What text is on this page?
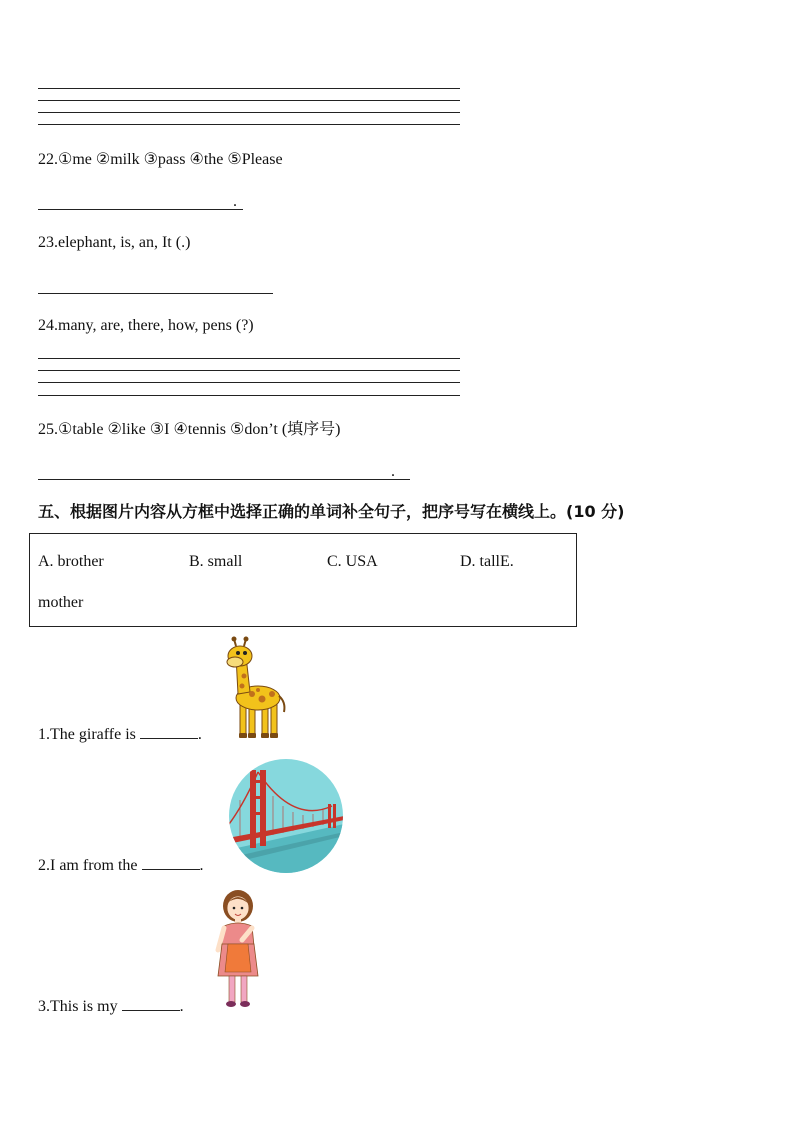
22.①me ②milk ③pass ④the ⑤Please
.
23.elephant, is, an, It (.)
24.many, are, there, how, pens (?)
25.①table ②like ③I ④tennis ⑤don’t (填序号)
.
五、根据图片内容从方框中选择正确的单词补全句子，把序号写在横线上。(10 分)
A. brother	B. small	C. USA	D. tallE.
mother
1.The giraffe is	.
2.I am from the	.
3.This is my	.
